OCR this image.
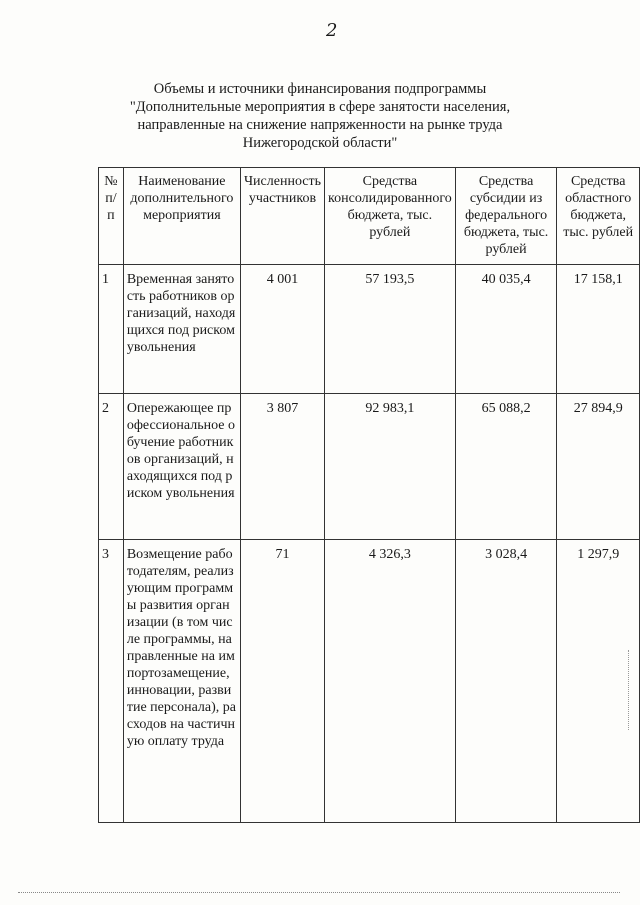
2
Объемы и источники финансирования подпрограммы
"Дополнительные мероприятия в сфере занятости населения,
направленные на снижение напряженности на рынке труда
Нижегородской области"
№ п/п	Наименование дополнительного мероприятия	Численность участников	Средства консолидированного бюджета, тыс. рублей	Средства субсидии из федерального бюджета, тыс. рублей	Средства областного бюджета, тыс. рублей
1	Временная занятость работников организаций, находящихся под риском увольнения	4 001	57 193,5	40 035,4	17 158,1
2	Опережающее профессиональное обучение работников организаций, находящихся под риском увольнения	3 807	92 983,1	65 088,2	27 894,9
3	Возмещение работодателям, реализующим программы развития организации (в том числе программы, направленные на импортозамещение, инновации, развитие персонала), расходов на частичную оплату труда	71	4 326,3	3 028,4	1 297,9
